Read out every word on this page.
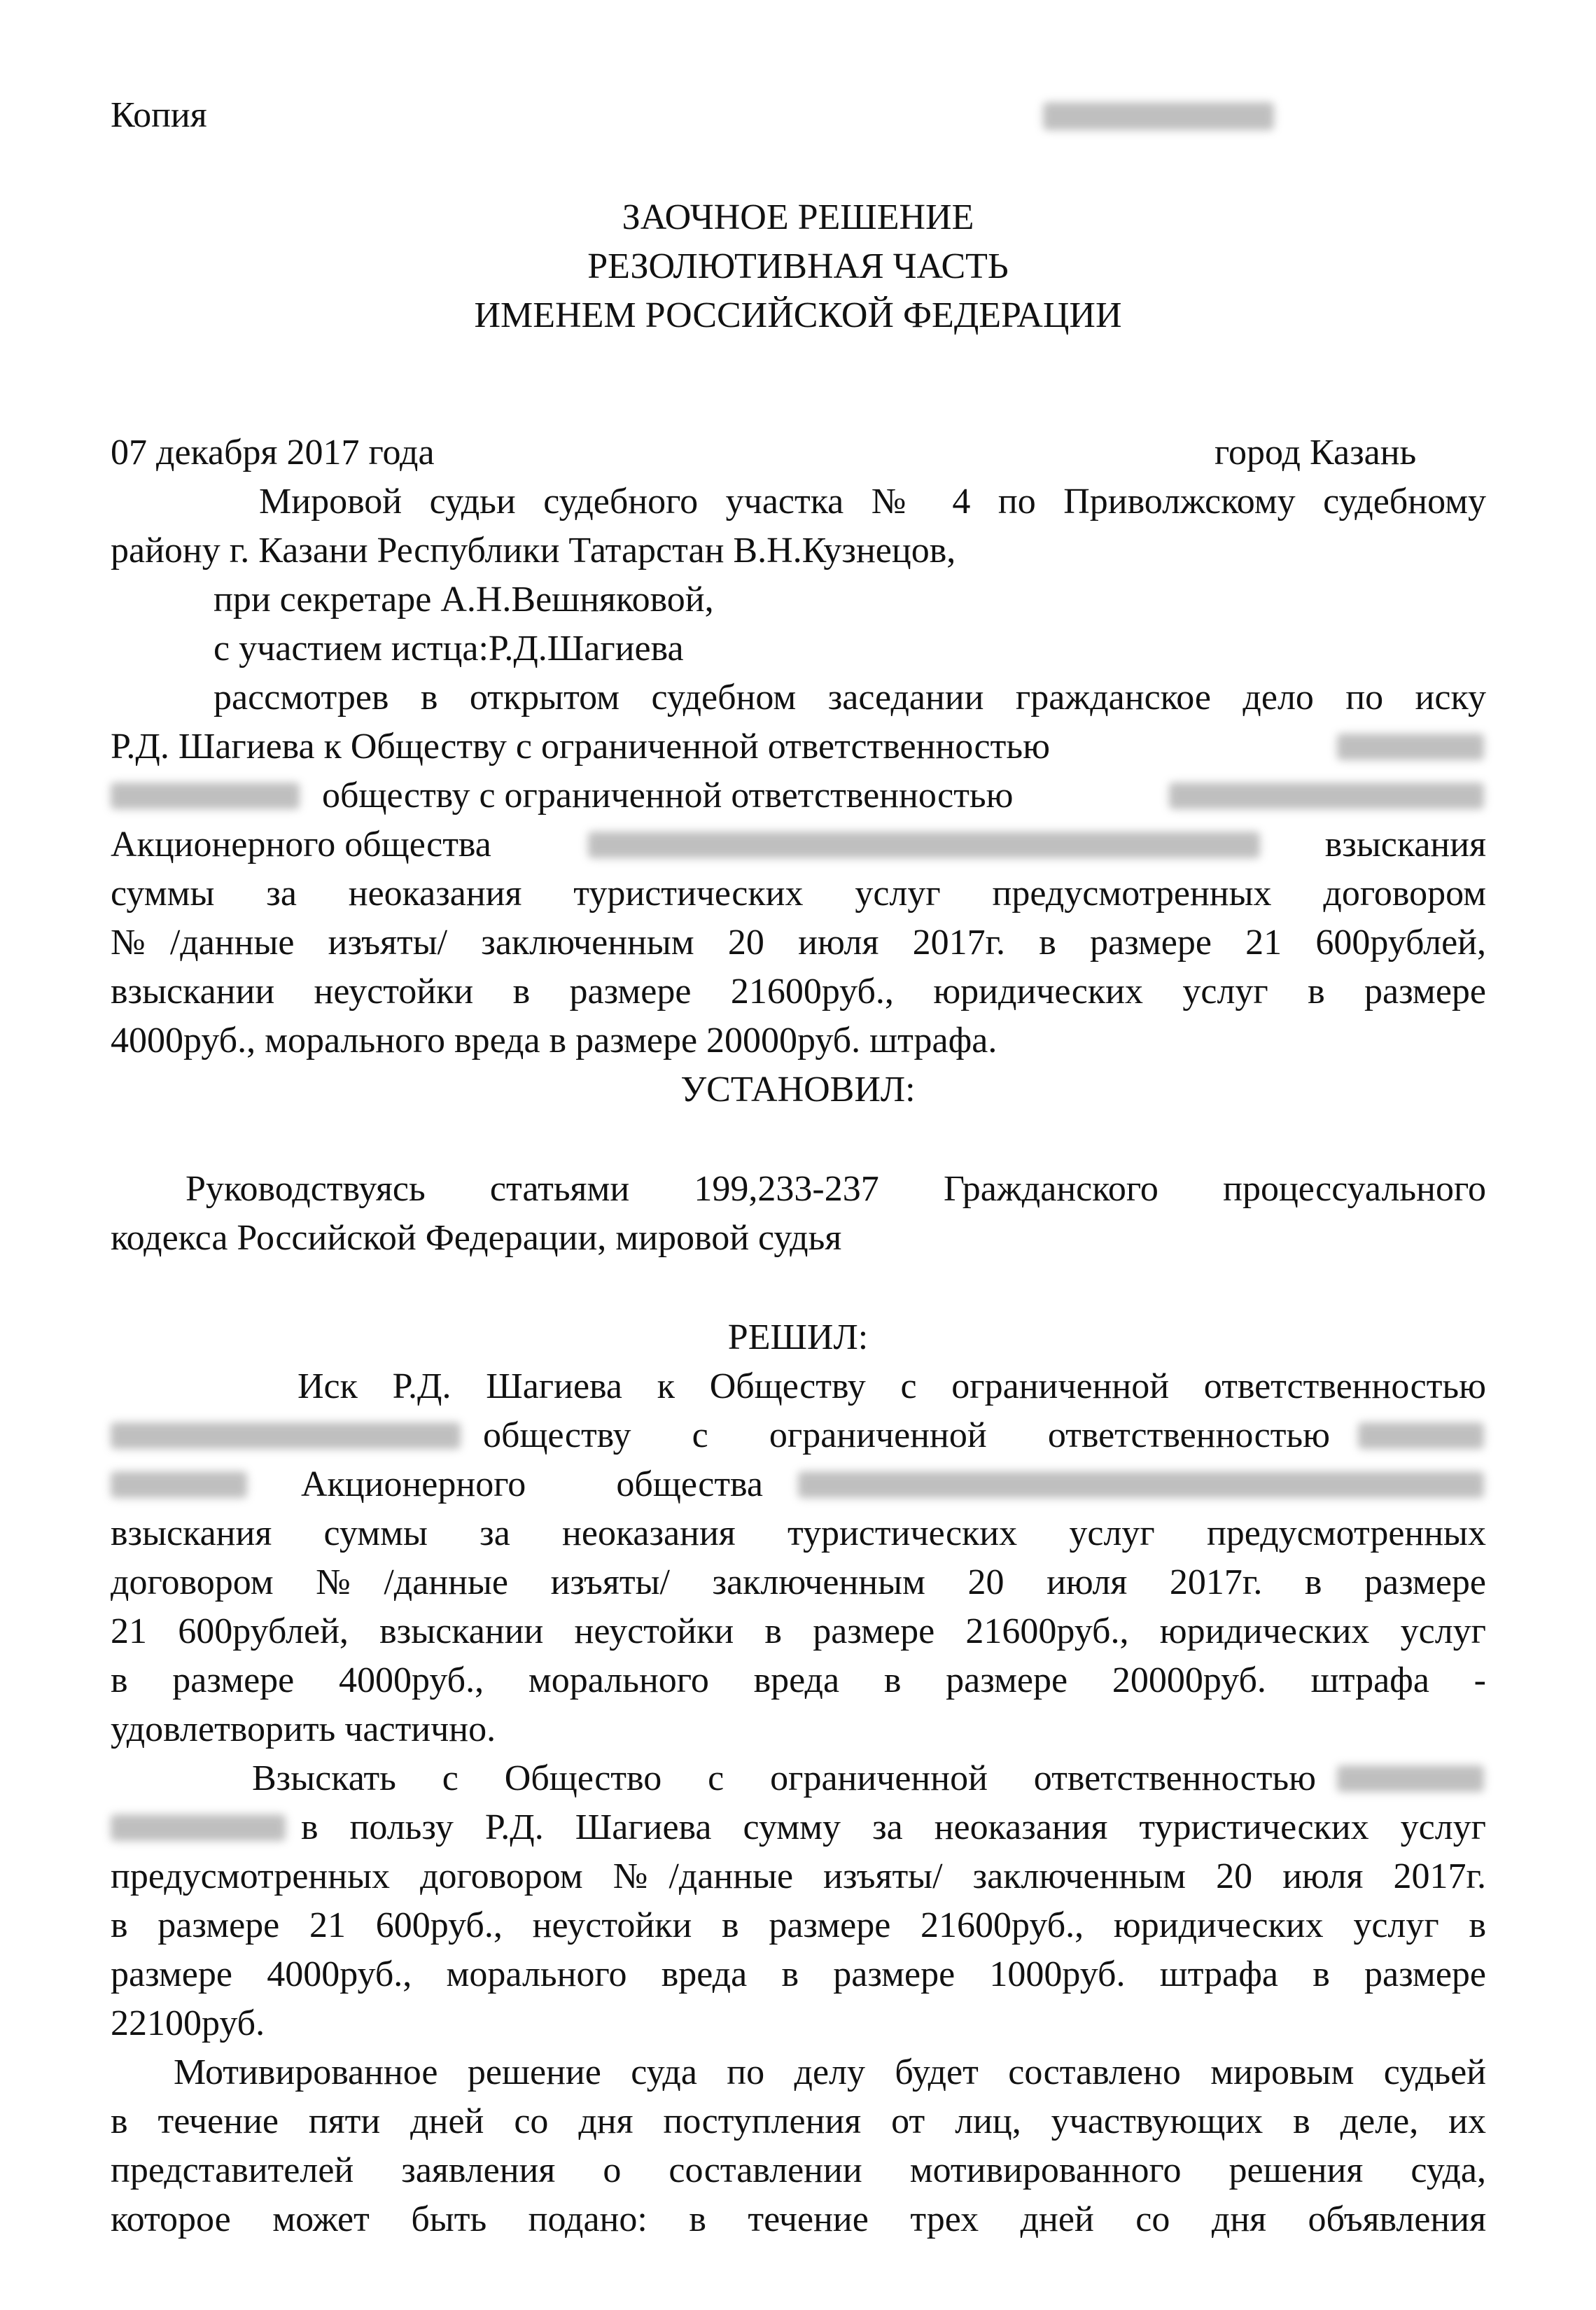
Копия
ЗАОЧНОЕ РЕШЕНИЕ
РЕЗОЛЮТИВНАЯ ЧАСТЬ
ИМЕНЕМ РОССИЙСКОЙ ФЕДЕРАЦИИ
07 декабря 2017 года	город Казань
Мировой судьи судебного участка № 4 по Приволжскому судебному
району г. Казани Республики Татарстан В.Н.Кузнецов,
при секретаре А.Н.Вешняковой,
с участием истца:Р.Д.Шагиева
рассмотрев в открытом судебном заседании гражданское дело по иску
Р.Д. Шагиева к Обществу с ограниченной ответственностью
обществу с ограниченной ответственностью
Акционерного общества	взыскания
суммы за неоказания туристических услуг предусмотренных договором
№/данные изъяты/ заключенным 20 июля 2017г. в размере 21 600рублей,
взыскании неустойки в размере 21600руб., юридических услуг в размере
4000руб., морального вреда в размере 20000руб. штрафа.
УСТАНОВИЛ:
Руководствуясь статьями 199,233-237 Гражданского процессуального
кодекса Российской Федерации, мировой судья
РЕШИЛ:
Иск Р.Д. Шагиева к Обществу с ограниченной ответственностью
обществу с ограниченной ответственностью
Акционерного общества
взыскания суммы за неоказания туристических услуг предусмотренных
договором №/данные изъяты/ заключенным 20 июля 2017г. в размере
21 600рублей, взыскании неустойки в размере 21600руб., юридических услуг
в размере 4000руб., морального вреда в размере 20000руб. штрафа -
удовлетворить частично.
Взыскать с Общество с ограниченной ответственностью
в пользу Р.Д. Шагиева сумму за неоказания туристических услуг
предусмотренных договором №/данные изъяты/ заключенным 20 июля 2017г.
в размере 21 600руб., неустойки в размере 21600руб., юридических услуг в
размере 4000руб., морального вреда в размере 1000руб. штрафа в размере
22100руб.
Мотивированное решение суда по делу будет составлено мировым судьей
в течение пяти дней со дня поступления от лиц, участвующих в деле, их
представителей заявления о составлении мотивированного решения суда,
которое может быть подано: в течение трех дней со дня объявления
